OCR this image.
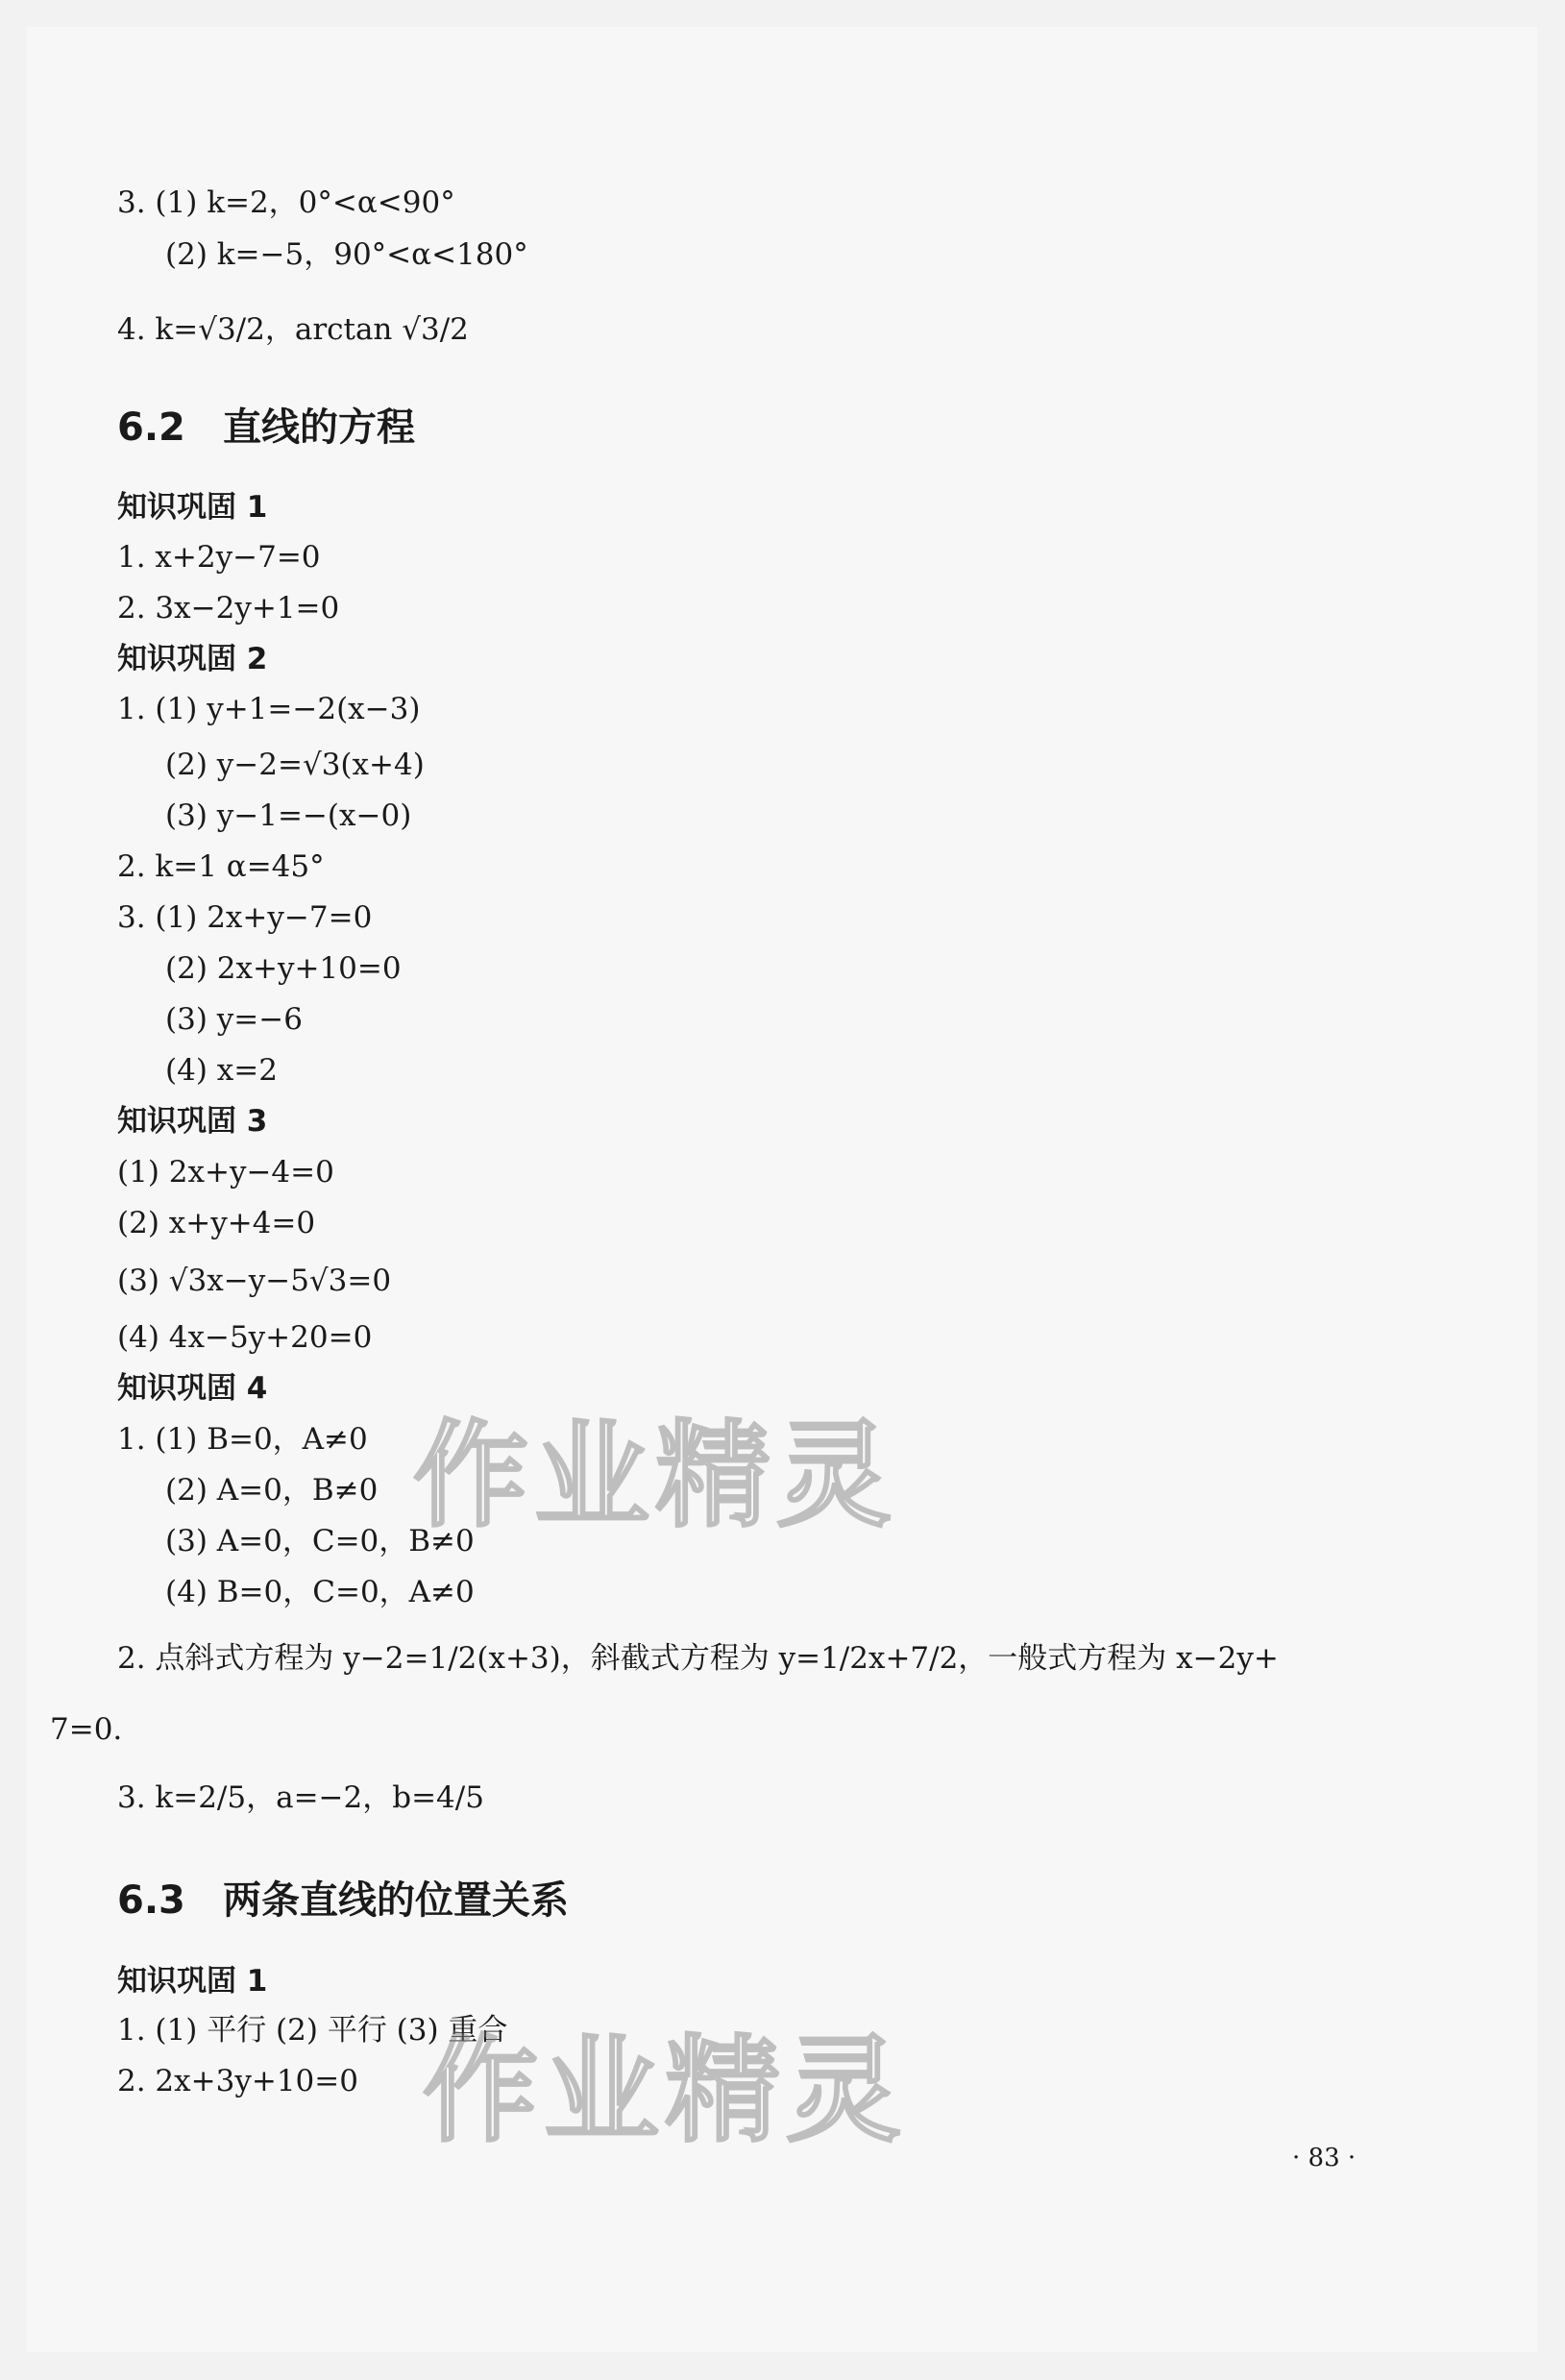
3. (1) k=2，0°<α<90°
(2) k=−5，90°<α<180°
4. k=√3/2，arctan √3/2
6.2 直线的方程
知识巩固 1
1. x+2y−7=0
2. 3x−2y+1=0
知识巩固 2
1. (1) y+1=−2(x−3)
(2) y−2=√3(x+4)
(3) y−1=−(x−0)
2. k=1 α=45°
3. (1) 2x+y−7=0
(2) 2x+y+10=0
(3) y=−6
(4) x=2
知识巩固 3
(1) 2x+y−4=0
(2) x+y+4=0
(3) √3x−y−5√3=0
(4) 4x−5y+20=0
知识巩固 4
1. (1) B=0，A≠0
(2) A=0，B≠0
(3) A=0，C=0，B≠0
(4) B=0，C=0，A≠0
2. 点斜式方程为 y−2=1/2(x+3)，斜截式方程为 y=1/2x+7/2，一般式方程为 x−2y+
7=0.
3. k=2/5，a=−2，b=4/5
6.3 两条直线的位置关系
知识巩固 1
1. (1) 平行 (2) 平行 (3) 重合
2. 2x+3y+10=0
· 83 ·
作业精灵
作业精灵
